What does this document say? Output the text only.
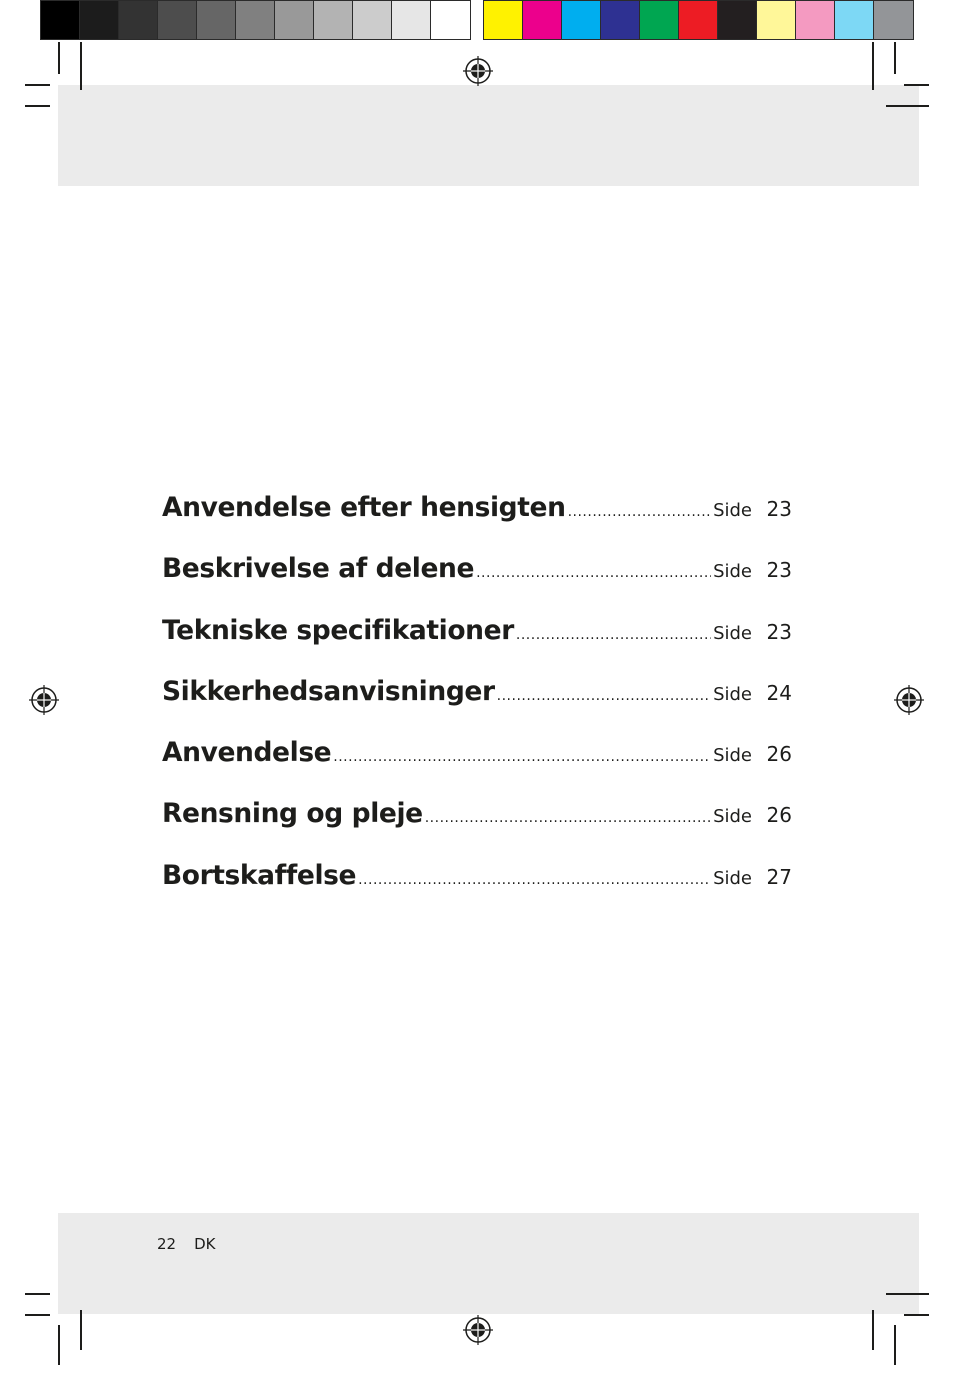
Anvendelse efter hensigten .....	Side 23
Beskrivelse af delene .....	Side 23
Tekniske specifikationer .....	Side 23
Sikkerhedsanvisninger .....	Side 24
Anvendelse .....	Side 26
Rensning og pleje .....	Side 26
Bortskaffelse .....	Side 27
22 DK
